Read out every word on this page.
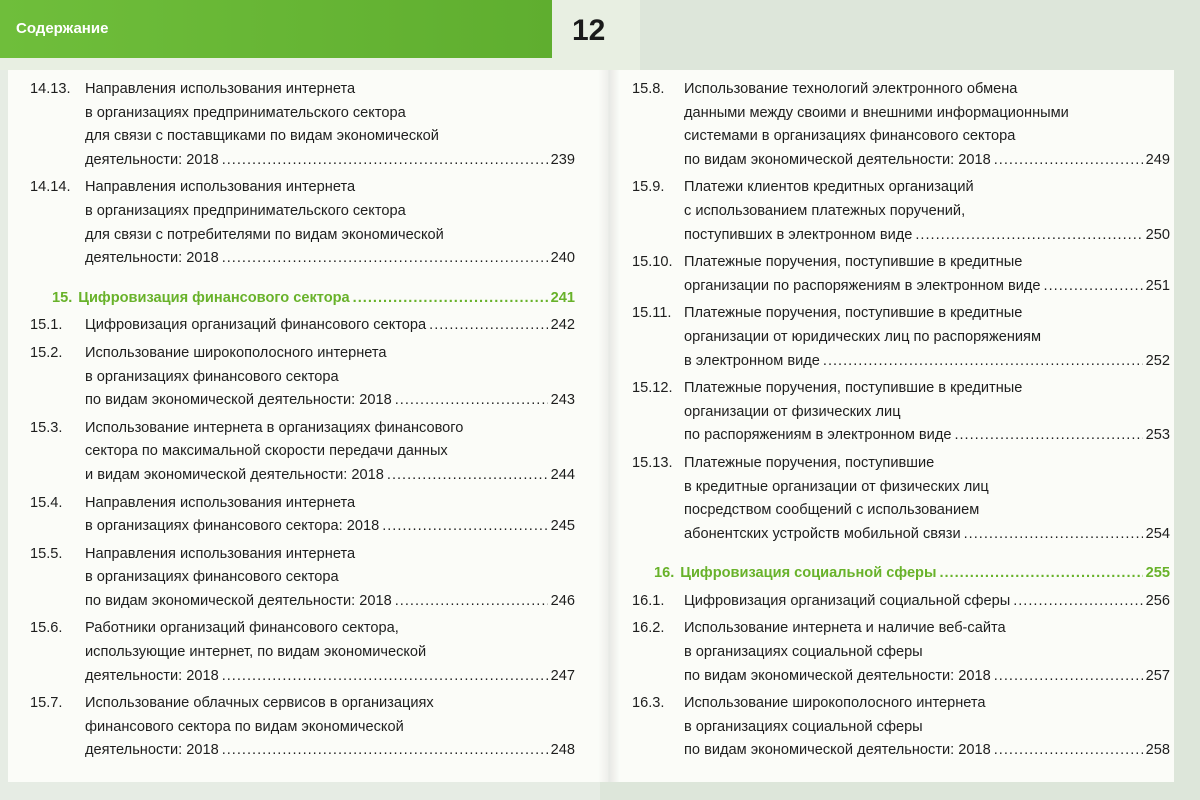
Содержание	12
14.13. Направления использования интернета
в организациях предпринимательского сектора
для связи с поставщиками по видам экономической
деятельности: 2018 .....	239
14.14. Направления использования интернета
в организациях предпринимательского сектора
для связи с потребителями по видам экономической
деятельности: 2018 .....	240
15. Цифровизация финансового сектора .....	241
15.1.	Цифровизация организаций финансового сектора .....	242
15.2.	Использование широкополосного интернета
в организациях финансового сектора
по видам экономической деятельности: 2018 .....	243
15.3.	Использование интернета в организациях финансового
сектора по максимальной скорости передачи данных
и видам экономической деятельности: 2018 .....	244
15.4.	Направления использования интернета
в организациях финансового сектора: 2018 .....	245
15.5.	Направления использования интернета
в организациях финансового сектора
по видам экономической деятельности: 2018 .....	246
15.6.	Работники организаций финансового сектора,
использующие интернет, по видам экономической
деятельности: 2018 .....	247
15.7.	Использование облачных сервисов в организациях
финансового сектора по видам экономической
деятельности: 2018 .....	248
15.8.	Использование технологий электронного обмена
данными между своими и внешними информационными
системами в организациях финансового сектора
по видам экономической деятельности: 2018 .....	249
15.9.	Платежи клиентов кредитных организаций
с использованием платежных поручений,
поступивших в электронном виде .....	250
15.10. Платежные поручения, поступившие в кредитные
организации по распоряжениям в электронном виде .....	251
15.11. Платежные поручения, поступившие в кредитные
организации от юридических лиц по распоряжениям
в электронном виде .....	252
15.12. Платежные поручения, поступившие в кредитные
организации от физических лиц
по распоряжениям в электронном виде .....	253
15.13. Платежные поручения, поступившие
в кредитные организации от физических лиц
посредством сообщений с использованием
абонентских устройств мобильной связи .....	254
16. Цифровизация социальной сферы .....	255
16.1.	Цифровизация организаций социальной сферы .....	256
16.2.	Использование интернета и наличие веб-сайта
в организациях социальной сферы
по видам экономической деятельности: 2018 .....	257
16.3.	Использование широкополосного интернета
в организациях социальной сферы
по видам экономической деятельности: 2018 .....	258
